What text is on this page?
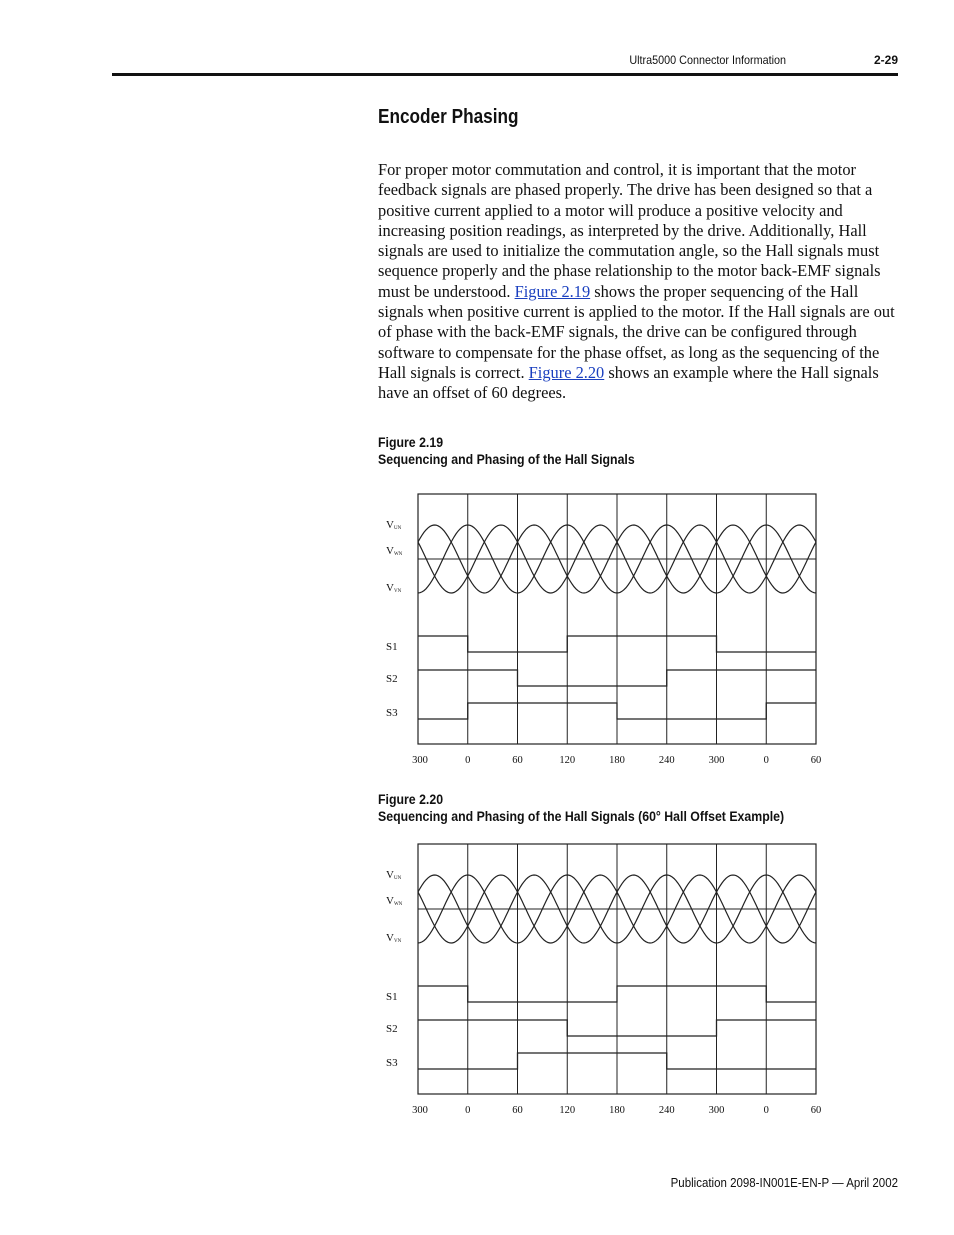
Ultra5000 Connector Information	2-29
Encoder Phasing
For proper motor commutation and control, it is important that the motor feedback signals are phased properly. The drive has been designed so that a positive current applied to a motor will produce a positive velocity and increasing position readings, as interpreted by the drive. Additionally, Hall signals are used to initialize the commutation angle, so the Hall signals must sequence properly and the phase relationship to the motor back-EMF signals must be understood. Figure 2.19 shows the proper sequencing of the Hall signals when positive current is applied to the motor. If the Hall signals are out of phase with the back-EMF signals, the drive can be configured through software to compensate for the phase offset, as long as the sequencing of the Hall signals is correct. Figure 2.20 shows an example where the Hall signals have an offset of 60 degrees.
Figure 2.19
Sequencing and Phasing of the Hall Signals
VUN
VWN
VVN
S1
S2
S3
300	0	60	120	180	240	300	0	60
Figure 2.20
Sequencing and Phasing of the Hall Signals (60° Hall Offset Example)
VUN
VWN
VVN
S1
S2
S3
300	0	60	120	180	240	300	0	60
Publication 2098-IN001E-EN-P — April 2002
